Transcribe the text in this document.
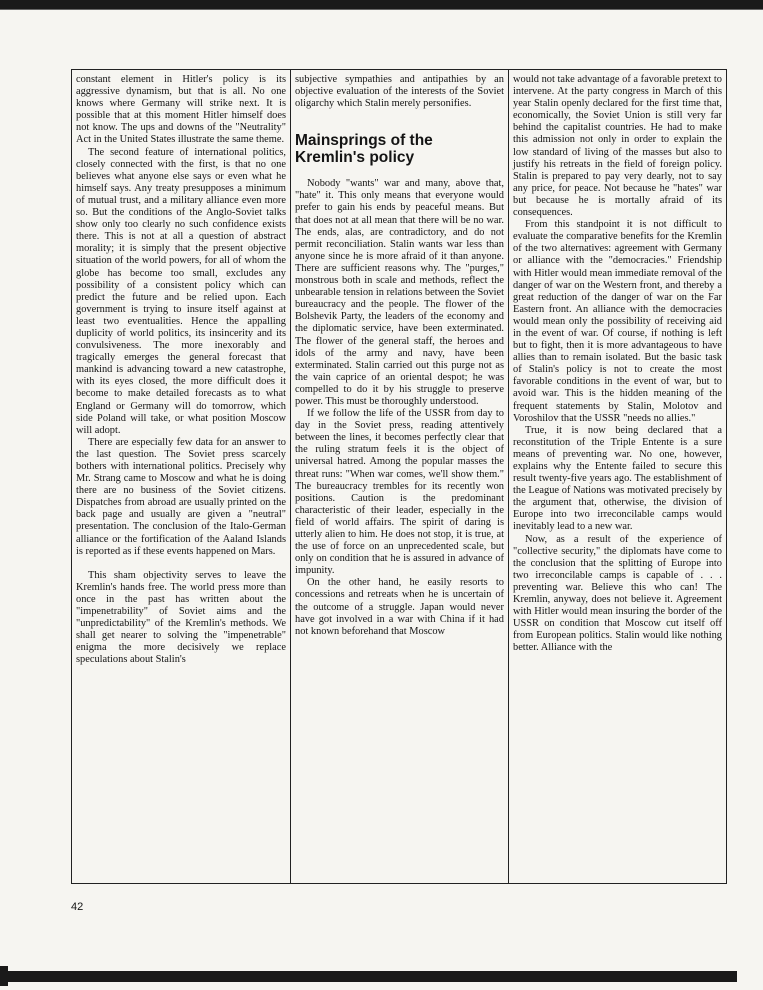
constant element in Hitler's policy is its aggressive dynamism, but that is all. No one knows where Germany will strike next. It is possible that at this moment Hitler himself does not know. The ups and downs of the "Neutrality" Act in the United States illustrate the same theme.

The second feature of international politics, closely connected with the first, is that no one believes what anyone else says or even what he himself says. Any treaty presupposes a minimum of mutual trust, and a military alliance even more so. But the conditions of the Anglo-Soviet talks show only too clearly no such confidence exists there. This is not at all a question of abstract morality; it is simply that the present objective situation of the world powers, for all of whom the globe has become too small, excludes any possibility of a consistent policy which can predict the future and be relied upon. Each government is trying to insure itself against at least two eventualities. Hence the appalling duplicity of world politics, its insincerity and its convulsiveness. The more inexorably and tragically emerges the general forecast that mankind is advancing toward a new catastrophe, with its eyes closed, the more difficult does it become to make detailed forecasts as to what England or Germany will do tomorrow, which side Poland will take, or what position Moscow will adopt.

There are especially few data for an answer to the last question. The Soviet press scarcely bothers with international politics. Precisely why Mr. Strang came to Moscow and what he is doing there are no business of the Soviet citizens. Dispatches from abroad are usually printed on the back page and usually are given a "neutral" presentation. The conclusion of the Italo-German alliance or the fortification of the Aaland Islands is reported as if these events happened on Mars.

This sham objectivity serves to leave the Kremlin's hands free. The world press more than once in the past has written about the "impenetrability" of Soviet aims and the "unpredictability" of the Kremlin's methods. We shall get nearer to solving the "impenetrable" enigma the more decisively we replace speculations about Stalin's

subjective sympathies and antipathies by an objective evaluation of the interests of the Soviet oligarchy which Stalin merely personifies.

Mainsprings of the Kremlin's policy

Nobody "wants" war and many, above that, "hate" it. This only means that everyone would prefer to gain his ends by peaceful means. But that does not at all mean that there will be no war. The ends, alas, are contradictory, and do not permit reconciliation. Stalin wants war less than anyone since he is more afraid of it than anyone. There are sufficient reasons why. The "purges," monstrous both in scale and methods, reflect the unbearable tension in relations between the Soviet bureaucracy and the people. The flower of the Bolshevik Party, the leaders of the economy and the diplomatic service, have been exterminated. The flower of the general staff, the heroes and idols of the army and navy, have been exterminated. Stalin carried out this purge not as the vain caprice of an oriental despot; he was compelled to do it by his struggle to preserve power. This must be thoroughly understood.

If we follow the life of the USSR from day to day in the Soviet press, reading attentively between the lines, it becomes perfectly clear that the ruling stratum feels it is the object of universal hatred. Among the popular masses the threat runs: "When war comes, we'll show them." The bureaucracy trembles for its recently won positions. Caution is the predominant characteristic of their leader, especially in the field of world affairs. The spirit of daring is utterly alien to him. He does not stop, it is true, at the use of force on an unprecedented scale, but only on condition that he is assured in advance of impunity.

On the other hand, he easily resorts to concessions and retreats when he is uncertain of the outcome of a struggle. Japan would never have got involved in a war with China if it had not known beforehand that Moscow

would not take advantage of a favorable pretext to intervene. At the party congress in March of this year Stalin openly declared for the first time that, economically, the Soviet Union is still very far behind the capitalist countries. He had to make this admission not only in order to explain the low standard of living of the masses but also to justify his retreats in the field of foreign policy. Stalin is prepared to pay very dearly, not to say any price, for peace. Not because he "hates" war but because he is mortally afraid of its consequences.

From this standpoint it is not difficult to evaluate the comparative benefits for the Kremlin of the two alternatives: agreement with Germany or alliance with the "democracies." Friendship with Hitler would mean immediate removal of the danger of war on the Western front, and thereby a great reduction of the danger of war on the Far Eastern front. An alliance with the democracies would mean only the possibility of receiving aid in the event of war. Of course, if nothing is left but to fight, then it is more advantageous to have allies than to remain isolated. But the basic task of Stalin's policy is not to create the most favorable conditions in the event of war, but to avoid war. This is the hidden meaning of the frequent statements by Stalin, Molotov and Voroshilov that the USSR "needs no allies."

True, it is now being declared that a reconstitution of the Triple Entente is a sure means of preventing war. No one, however, explains why the Entente failed to secure this result twenty-five years ago. The establishment of the League of Nations was motivated precisely by the argument that, otherwise, the division of Europe into two irreconcilable camps would inevitably lead to a new war.

Now, as a result of the experience of "collective security," the diplomats have come to the conclusion that the splitting of Europe into two irreconcilable camps is capable of . . . preventing war. Believe this who can! The Kremlin, anyway, does not believe it. Agreement with Hitler would mean insuring the border of the USSR on condition that Moscow cut itself off from European politics. Stalin would like nothing better. Alliance with the

42
